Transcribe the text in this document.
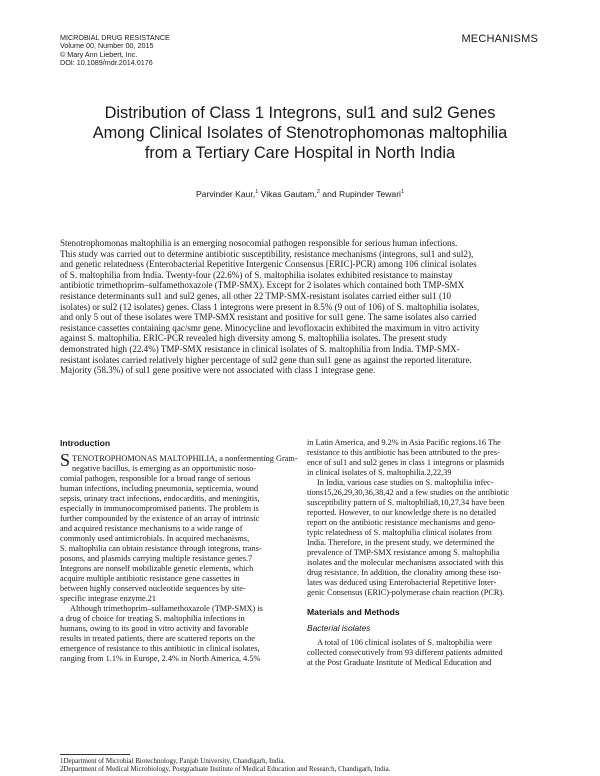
MICROBIAL DRUG RESISTANCE
Volume 00, Number 00, 2015
© Mary Ann Liebert, Inc.
DOI: 10.1089/mdr.2014.0176
MECHANISMS
Distribution of Class 1 Integrons, sul1 and sul2 Genes
Among Clinical Isolates of Stenotrophomonas maltophilia
from a Tertiary Care Hospital in North India
Parvinder Kaur,$^1$ Vikas Gautam,$^2$ and Rupinder Tewari$^1$
Stenotrophomonas maltophilia is an emerging nosocomial pathogen responsible for serious human infections.
This study was carried out to determine antibiotic susceptibility, resistance mechanisms (integrons, sul1 and sul2),
and genetic relatedness (Enterobacterial Repetitive Intergenic Consensus [ERIC]-PCR) among 106 clinical isolates
of S. maltophilia from India. Twenty-four (22.6%) of S. maltophilia isolates exhibited resistance to mainstay
antibiotic trimethoprim–sulfamethoxazole (TMP-SMX). Except for 2 isolates which contained both TMP-SMX
resistance determinants sul1 and sul2 genes, all other 22 TMP-SMX-resistant isolates carried either sul1 (10
isolates) or sul2 (12 isolates) genes. Class 1 integrons were present in 8.5% (9 out of 106) of S. maltophilia isolates,
and only 5 out of these isolates were TMP-SMX resistant and positive for sul1 gene. The same isolates also carried
resistance cassettes containing qac/smr gene. Minocycline and levofloxacin exhibited the maximum in vitro activity
against S. maltophilia. ERIC-PCR revealed high diversity among S. maltophilia isolates. The present study
demonstrated high (22.4%) TMP-SMX resistance in clinical isolates of S. maltophilia from India. TMP-SMX-
resistant isolates carried relatively higher percentage of sul2 gene than sul1 gene as against the reported literature.
Majority (58.3%) of sul1 gene positive were not associated with class 1 integrase gene.
Introduction
STENOTROPHOMONAS MALTOPHILIA, a nonfermenting Gram-
negative bacillus, is emerging as an opportunistic noso-
comial pathogen, responsible for a broad range of serious
human infections, including pneumonia, septicemia, wound
sepsis, urinary tract infections, endocarditis, and meningitis,
especially in immunocompromised patients. The problem is
further compounded by the existence of an array of intrinsic
and acquired resistance mechanisms to a wide range of
commonly used antimicrobials. In acquired mechanisms,
S. maltophilia can obtain resistance through integrons, trans-
posons, and plasmids carrying multiple resistance genes.7
Integrons are nonself mobilizable genetic elements, which
acquire multiple antibiotic resistance gene cassettes in
between highly conserved nucleotide sequences by site-
specific integrase enzyme.21
Although trimethoprim–sulfamethoxazole (TMP-SMX) is
a drug of choice for treating S. maltophilia infections in
humans, owing to its good in vitro activity and favorable
results in treated patients, there are scattered reports on the
emergence of resistance to this antibiotic in clinical isolates,
ranging from 1.1% in Europe, 2.4% in North America, 4.5%
in Latin America, and 9.2% in Asia Pacific regions.16 The
resistance to this antibiotic has been attributed to the pres-
ence of sul1 and sul2 genes in class 1 integrons or plasmids
in clinical isolates of S. maltophilia.2,22,39
In India, various case studies on S. maltophilia infec-
tions15,26,29,30,36,38,42 and a few studies on the antibiotic
susceptibility pattern of S. maltophilia8,10,27,34 have been
reported. However, to our knowledge there is no detailed
report on the antibiotic resistance mechanisms and geno-
typic relatedness of S. maltophilia clinical isolates from
India. Therefore, in the present study, we determined the
prevalence of TMP-SMX resistance among S. maltophilia
isolates and the molecular mechanisms associated with this
drug resistance. In addition, the clonality among these iso-
lates was deduced using Enterobacterial Repetitive Inter-
genic Consensus (ERIC)-polymerase chain reaction (PCR).
Materials and Methods
Bacterial isolates
A total of 106 clinical isolates of S. maltophilia were
collected consecutively from 93 different patients admitted
at the Post Graduate Institute of Medical Education and
1Department of Microbial Biotechnology, Panjab University, Chandigarh, India.
2Department of Medical Microbiology, Postgraduate Institute of Medical Education and Research, Chandigarh, India.
